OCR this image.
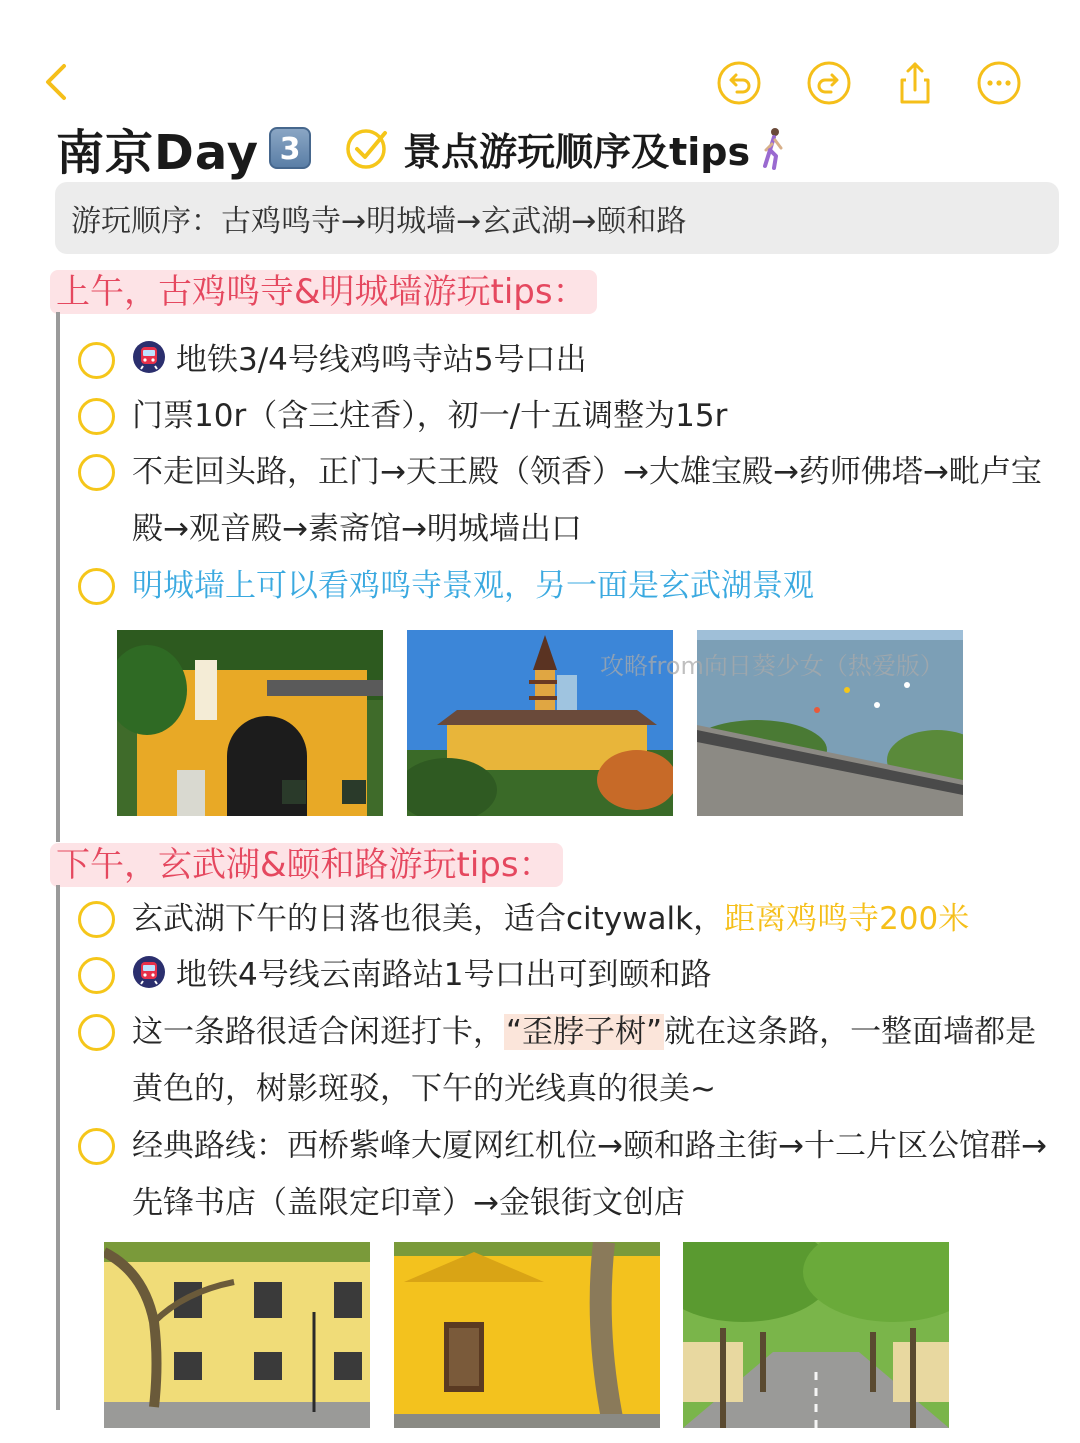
南京Day 3	景点游玩顺序及tips
游玩顺序：古鸡鸣寺→明城墙→玄武湖→颐和路
上午，古鸡鸣寺&明城墙游玩tips：
地铁3/4号线鸡鸣寺站5号口出
门票10r（含三炷香），初一/十五调整为15r
不走回头路，正门→天王殿（领香）→大雄宝殿→药师佛塔→毗卢宝殿→观音殿→素斋馆→明城墙出口
明城墙上可以看鸡鸣寺景观，另一面是玄武湖景观
攻略from向日葵少女（热爱版）
下午，玄武湖&颐和路游玩tips：
玄武湖下午的日落也很美，适合citywalk，距离鸡鸣寺200米
地铁4号线云南路站1号口出可到颐和路
这一条路很适合闲逛打卡，“歪脖子树”就在这条路，一整面墙都是黄色的，树影斑驳，下午的光线真的很美~
经典路线：西桥紫峰大厦网红机位→颐和路主街→十二片区公馆群→先锋书店（盖限定印章）→金银街文创店
